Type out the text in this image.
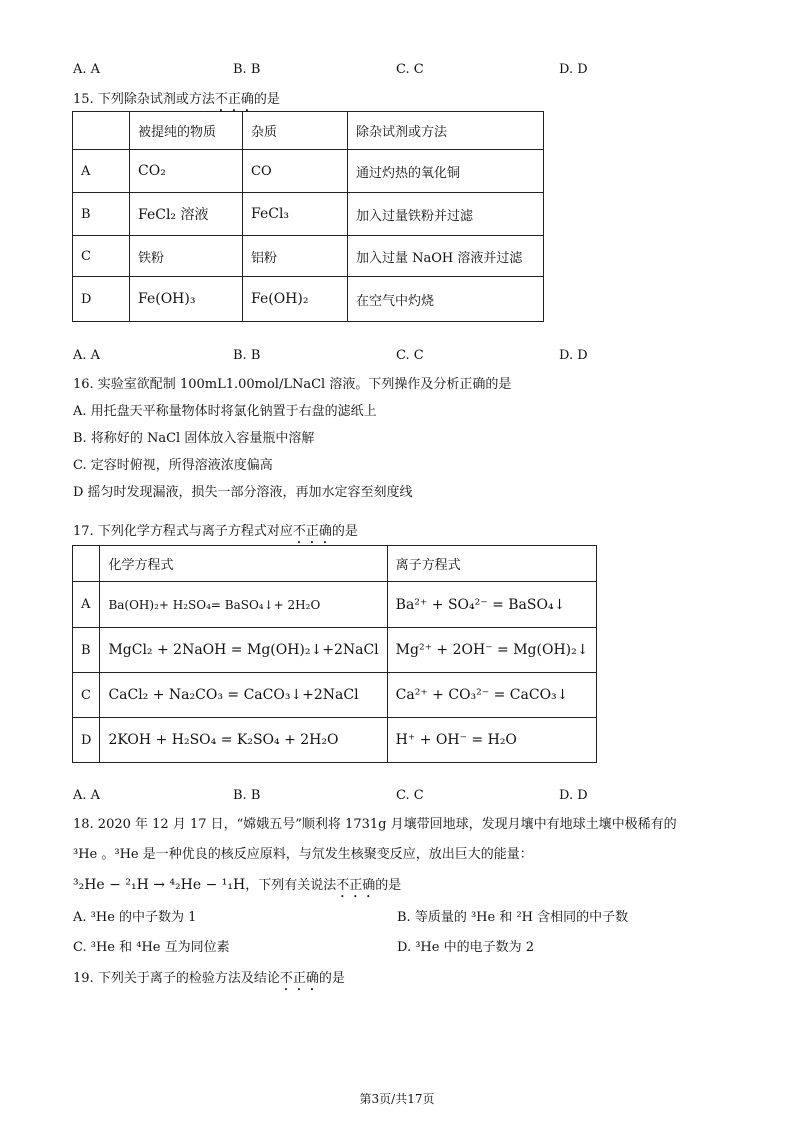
A. A	B. B	C. C	D. D
15. 下列除杂试剂或方法不正确的是
	被提纯的物质	杂质	除杂试剂或方法
A	CO₂	CO	通过灼热的氧化铜
B	FeCl₂ 溶液	FeCl₃	加入过量铁粉并过滤
C	铁粉	铝粉	加入过量 NaOH 溶液并过滤
D	Fe(OH)₃	Fe(OH)₂	在空气中灼烧
A. A	B. B	C. C	D. D
16. 实验室欲配制 100mL1.00mol/LNaCl 溶液。下列操作及分析正确的是
A. 用托盘天平称量物体时将氯化钠置于右盘的滤纸上
B. 将称好的 NaCl 固体放入容量瓶中溶解
C. 定容时俯视，所得溶液浓度偏高
D 摇匀时发现漏液，损失一部分溶液，再加水定容至刻度线
17. 下列化学方程式与离子方程式对应不正确的是
	化学方程式	离子方程式
A	Ba(OH)₂+ H₂SO₄= BaSO₄↓+ 2H₂O	Ba²⁺ + SO₄²⁻ = BaSO₄↓
B	MgCl₂ + 2NaOH = Mg(OH)₂↓+2NaCl	Mg²⁺ + 2OH⁻ = Mg(OH)₂↓
C	CaCl₂ + Na₂CO₃ = CaCO₃↓+2NaCl	Ca²⁺ + CO₃²⁻ = CaCO₃↓
D	2KOH + H₂SO₄ = K₂SO₄ + 2H₂O	H⁺ + OH⁻ = H₂O
A. A	B. B	C. C	D. D
18. 2020 年 12 月 17 日，“嫦娥五号”顺利将 1731g 月壤带回地球，发现月壤中有地球土壤中极稀有的
³He 。³He 是一种优良的核反应原料，与氘发生核聚变反应，放出巨大的能量：
³₂He − ²₁H → ⁴₂He − ¹₁H，下列有关说法不正确的是
A. ³He 的中子数为 1	B. 等质量的 ³He 和 ²H 含相同的中子数
C. ³He 和 ⁴He 互为同位素	D. ³He 中的电子数为 2
19. 下列关于离子的检验方法及结论不正确的是
第3页/共17页
